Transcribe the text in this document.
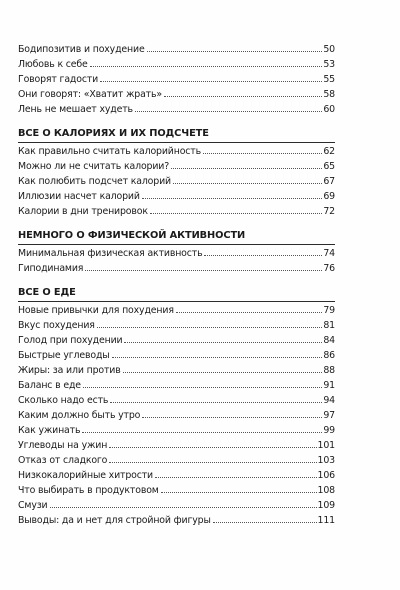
Бодипозитив и похудение	50
Любовь к себе	53
Говорят гадости	55
Они говорят: «Хватит жрать»	58
Лень не мешает худеть	60
ВСЕ О КАЛОРИЯХ И ИХ ПОДСЧЕТЕ
Как правильно считать калорийность	62
Можно ли не считать калории?	65
Как полюбить подсчет калорий	67
Иллюзии насчет калорий	69
Калории в дни тренировок	72
НЕМНОГО О ФИЗИЧЕСКОЙ АКТИВНОСТИ
Минимальная физическая активность	74
Гиподинамия	76
ВСЕ О ЕДЕ
Новые привычки для похудения	79
Вкус похудения	81
Голод при похудении	84
Быстрые углеводы	86
Жиры: за или против	88
Баланс в еде	91
Сколько надо есть	94
Каким должно быть утро	97
Как ужинать	99
Углеводы на ужин	101
Отказ от сладкого	103
Низкокалорийные хитрости	106
Что выбирать в продуктовом	108
Смузи	109
Выводы: да и нет для стройной фигуры	111
